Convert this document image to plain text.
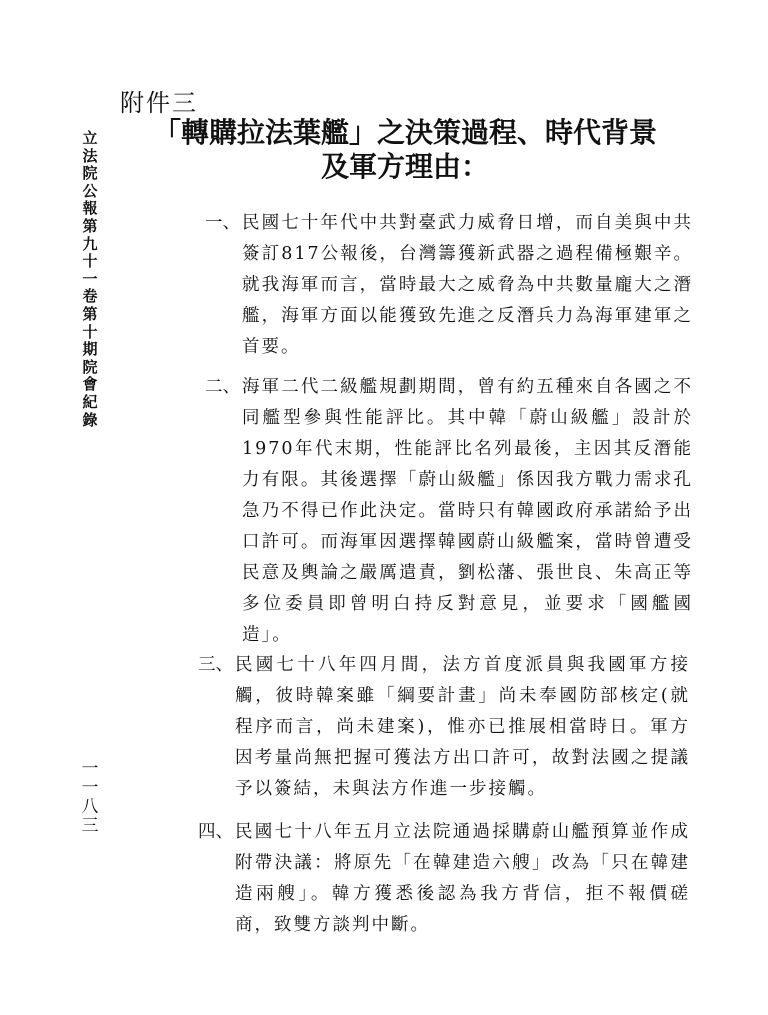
立法院公報　第九十一卷　第十期　院會紀錄
一一八三
附件三
「轉購拉法葉艦」之決策過程、時代背景
及軍方理由：
一、 民國七十年代中共對臺武力威脅日增，而自美與中共簽訂817公報後，台灣籌獲新武器之過程備極艱辛。就我海軍而言，當時最大之威脅為中共數量龐大之潛艦，海軍方面以能獲致先進之反潛兵力為海軍建軍之首要。
二、 海軍二代二級艦規劃期間，曾有約五種來自各國之不同艦型參與性能評比。其中韓「蔚山級艦」設計於1970年代末期，性能評比名列最後，主因其反潛能力有限。其後選擇「蔚山級艦」係因我方戰力需求孔急乃不得已作此決定。當時只有韓國政府承諾給予出口許可。而海軍因選擇韓國蔚山級艦案，當時曾遭受民意及輿論之嚴厲遣責，劉松藩、張世良、朱高正等多位委員即曾明白持反對意見，並要求「國艦國造」。
三、 民國七十八年四月間，法方首度派員與我國軍方接觸，彼時韓案雖「綱要計畫」尚未奉國防部核定(就程序而言，尚未建案)，惟亦已推展相當時日。軍方因考量尚無把握可獲法方出口許可，故對法國之提議予以簽結，未與法方作進一步接觸。
四、 民國七十八年五月立法院通過採購蔚山艦預算並作成附帶決議：將原先「在韓建造六艘」改為「只在韓建造兩艘」。韓方獲悉後認為我方背信，拒不報價磋商，致雙方談判中斷。
